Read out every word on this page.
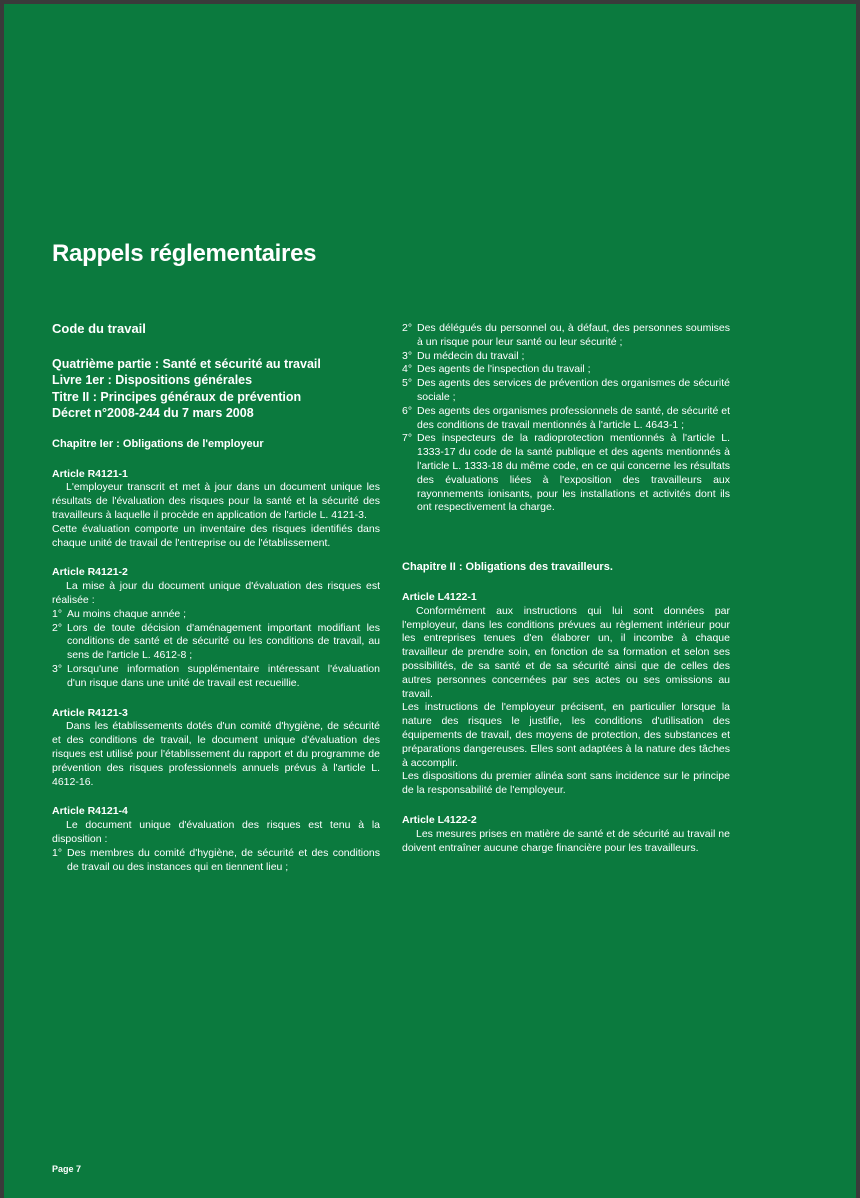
Rappels réglementaires
Code du travail
Quatrième partie : Santé et sécurité au travail
Livre 1er : Dispositions générales
Titre II : Principes généraux de prévention
Décret n°2008-244 du 7 mars 2008
Chapitre Ier : Obligations de l'employeur
Article R4121-1

L'employeur transcrit et met à jour dans un document unique les résultats de l'évaluation des risques pour la santé et la sécurité des travailleurs à laquelle il procède en application de l'article L. 4121-3.

Cette évaluation comporte un inventaire des risques identifiés dans chaque unité de travail de l'entreprise ou de l'établissement.

Article R4121-2

La mise à jour du document unique d'évaluation des risques est réalisée :

1° Au moins chaque année ;
2° Lors de toute décision d'aménagement important modifiant les conditions de santé et de sécurité ou les conditions de travail, au sens de l'article L. 4612-8 ;
3° Lorsqu'une information supplémentaire intéressant l'évaluation d'un risque dans une unité de travail est recueillie.
Article R4121-3

Dans les établissements dotés d'un comité d'hygiène, de sécurité et des conditions de travail, le document unique d'évaluation des risques est utilisé pour l'établissement du rapport et du programme de prévention des risques professionnels annuels prévus à l'article L. 4612-16.

Article R4121-4

Le document unique d'évaluation des risques est tenu à la disposition :

1° Des membres du comité d'hygiène, de sécurité et des conditions de travail ou des instances qui en tiennent lieu ;
2° Des délégués du personnel ou, à défaut, des personnes soumises à un risque pour leur santé ou leur sécurité ;
3° Du médecin du travail ;
4° Des agents de l'inspection du travail ;
5° Des agents des services de prévention des organismes de sécurité sociale ;
6° Des agents des organismes professionnels de santé, de sécurité et des conditions de travail mentionnés à l'article L. 4643-1 ;
7° Des inspecteurs de la radioprotection mentionnés à l'article L. 1333-17 du code de la santé publique et des agents mentionnés à l'article L. 1333-18 du même code, en ce qui concerne les résultats des évaluations liées à l'exposition des travailleurs aux rayonnements ionisants, pour les installations et activités dont ils ont respectivement la charge.
Chapitre II : Obligations des travailleurs.
Article L4122-1

Conformément aux instructions qui lui sont données par l'employeur, dans les conditions prévues au règlement intérieur pour les entreprises tenues d'en élaborer un, il incombe à chaque travailleur de prendre soin, en fonction de sa formation et selon ses possibilités, de sa santé et de sa sécurité ainsi que de celles des autres personnes concernées par ses actes ou ses omissions au travail.

Les instructions de l'employeur précisent, en particulier lorsque la nature des risques le justifie, les conditions d'utilisation des équipements de travail, des moyens de protection, des substances et préparations dangereuses. Elles sont adaptées à la nature des tâches à accomplir.

Les dispositions du premier alinéa sont sans incidence sur le principe de la responsabilité de l'employeur.

Article L4122-2

Les mesures prises en matière de santé et de sécurité au travail ne doivent entraîner aucune charge financière pour les travailleurs.

Page 7
